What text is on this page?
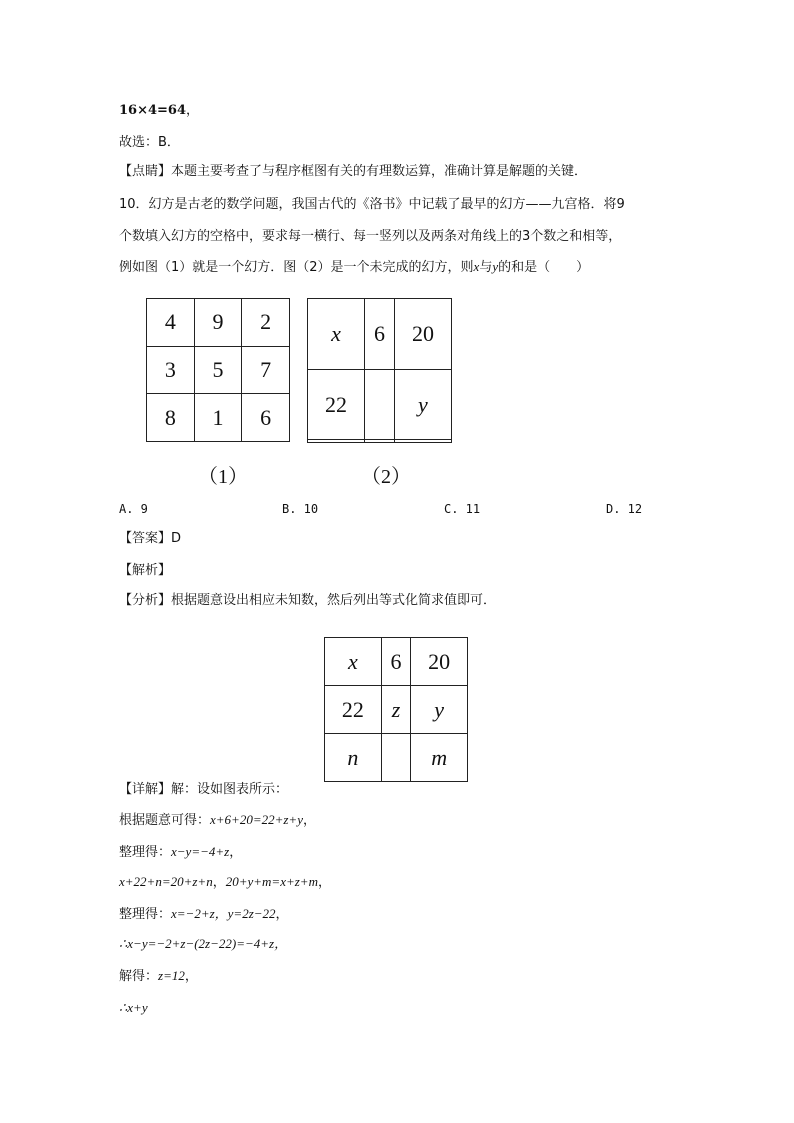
16×4=64，
故选：B．
【点睛】本题主要考查了与程序框图有关的有理数运算，准确计算是解题的关键．
10．幻方是古老的数学问题，我国古代的《洛书》中记载了最早的幻方——九宫格．将9
个数填入幻方的空格中，要求每一横行、每一竖列以及两条对角线上的3个数之和相等，
例如图（1）就是一个幻方．图（2）是一个未完成的幻方，则x与y的和是（　　）
4	9	2
3	5	7
8	1	6
x	6	20
22		y

（1）	（2）
A. 9	B. 10	C. 11	D. 12
【答案】D
【解析】
【分析】根据题意设出相应未知数，然后列出等式化简求值即可．
x	6	20
22	z	y
n		m
【详解】解：设如图表所示：
根据题意可得：x+6+20=22+z+y，
整理得：x−y=−4+z，
x+22+n=20+z+n，20+y+m=x+z+m，
整理得：x=−2+z，y=2z−22，
∴x−y=−2+z−(2z−22)=−4+z，
解得：z=12，
∴x+y
